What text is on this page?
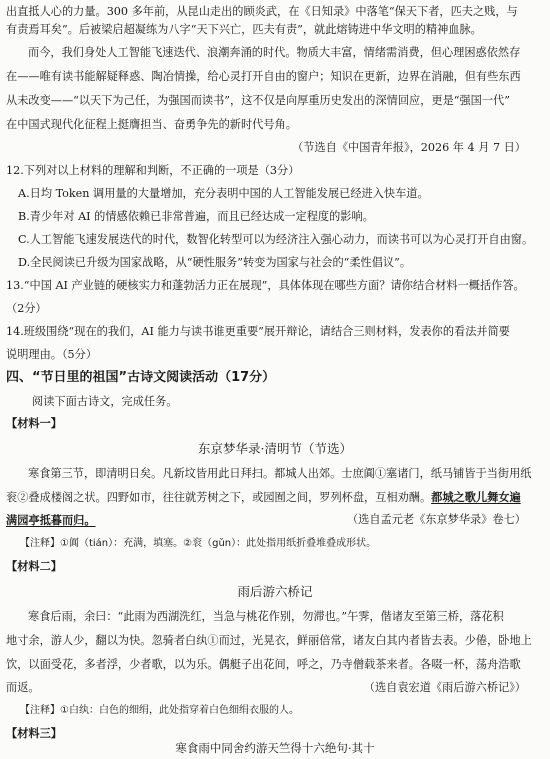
出直抵人心的力量。300 多年前，从昆山走出的顾炎武，在《日知录》中落笔“保天下者，匹夫之贱，与
有责焉耳矣”。后被梁启超凝练为八字“天下兴亡，匹夫有责”，就此熔铸进中华文明的精神血脉。
而今，我们身处人工智能飞速迭代、浪潮奔涌的时代。物质大丰富，情绪需消费，但心理困惑依然存
在——唯有读书能解疑释惑、陶冶情操，给心灵打开自由的窗户；知识在更新，边界在消融，但有些东西
从未改变——“以天下为己任，为强国而读书”，这不仅是向厚重历史发出的深情回应，更是“强国一代”
在中国式现代化征程上挺膺担当、奋勇争先的新时代号角。
（节选自《中国青年报》，2026 年 4 月 7 日）
12.下列对以上材料的理解和判断，不正确的一项是（3分）
A.日均 Token 调用量的大量增加，充分表明中国的人工智能发展已经进入快车道。
B.青少年对 AI 的情感依赖已非常普遍，而且已经达成一定程度的影响。
C.人工智能飞速发展迭代的时代，数智化转型可以为经济注入强心动力，而读书可以为心灵打开自由窗。
D.全民阅读已升级为国家战略，从“硬性服务”转变为国家与社会的“柔性倡议”。
13.“中国 AI 产业链的硬核实力和蓬勃活力正在展现”，具体体现在哪些方面？请你结合材料一概括作答。
（2分）
14.班级围绕“现在的我们，AI 能力与读书谁更重要”展开辩论，请结合三则材料，发表你的看法并简要
说明理由。（5分）
四、“节日里的祖国”古诗文阅读活动（17分）
阅读下面古诗文，完成任务。
【材料一】
东京梦华录·清明节（节选）
寒食第三节，即清明日矣。凡新坟皆用此日拜扫。都城人出郊。士庶阗①塞诸门，纸马铺皆于当街用纸
衮②叠成楼阁之状。四野如市，往往就芳树之下，或园囿之间，罗列杯盘，互相劝酬。都城之歌儿舞女遍
满园亭抵暮而归。	（选自孟元老《东京梦华录》卷七）
【注释】①阗（tián）：充满，填塞。②衮（gǔn）：此处指用纸折叠堆叠成形状。
【材料二】
雨后游六桥记
寒食后雨，余曰：“此雨为西湖洗红，当急与桃花作别，勿滞也。”午霁，偕诸友至第三桥，落花积
地寸余，游人少，翻以为快。忽骑者白纨①而过，光晃衣，鲜丽倍常，诸友白其内者皆去表。少倦，卧地上
饮，以面受花，多者浮，少者歌，以为乐。偶艇子出花间，呼之，乃寺僧载茶来者。各啜一杯，荡舟浩歌
而返。	（选自袁宏道《雨后游六桥记》）
【注释】①白纨：白色的细绢，此处指穿着白色细绢衣服的人。
【材料三】
寒食雨中同舍约游天竺得十六绝句·其十
